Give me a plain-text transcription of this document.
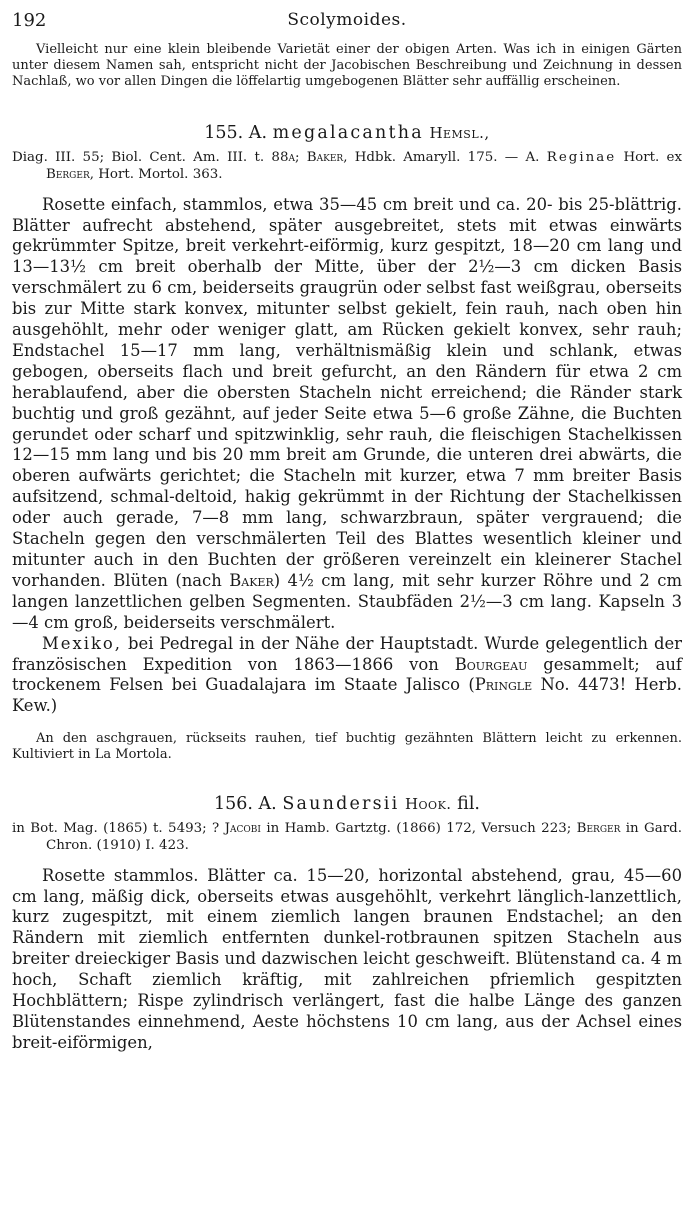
192	Scolymoides.

Vielleicht nur eine klein bleibende Varietät einer der obigen Arten. Was ich in einigen Gärten unter diesem Namen sah, entspricht nicht der Jacobischen Beschreibung und Zeichnung in dessen Nachlaß, wo vor allen Dingen die löffelartig umgebogenen Blätter sehr auffällig erscheinen.

155. A. megalacantha Hemsl.,

Diag. III. 55; Biol. Cent. Am. III. t. 88a; Baker, Hdbk. Amaryll. 175. — A. Reginae Hort. ex Berger, Hort. Mortol. 363.

Rosette einfach, stammlos, etwa 35—45 cm breit und ca. 20- bis 25-blättrig. Blätter aufrecht abstehend, später ausgebreitet, stets mit etwas einwärts gekrümmter Spitze, breit verkehrt-eiförmig, kurz gespitzt, 18—20 cm lang und 13—13½ cm breit oberhalb der Mitte, über der 2½—3 cm dicken Basis verschmälert zu 6 cm, beiderseits graugrün oder selbst fast weißgrau, oberseits bis zur Mitte stark konvex, mitunter selbst gekielt, fein rauh, nach oben hin ausgehöhlt, mehr oder weniger glatt, am Rücken gekielt konvex, sehr rauh; Endstachel 15—17 mm lang, verhältnismäßig klein und schlank, etwas gebogen, oberseits flach und breit gefurcht, an den Rändern für etwa 2 cm herablaufend, aber die obersten Stacheln nicht erreichend; die Ränder stark buchtig und groß gezähnt, auf jeder Seite etwa 5—6 große Zähne, die Buchten gerundet oder scharf und spitzwinklig, sehr rauh, die fleischigen Stachelkissen 12—15 mm lang und bis 20 mm breit am Grunde, die unteren drei abwärts, die oberen aufwärts gerichtet; die Stacheln mit kurzer, etwa 7 mm breiter Basis aufsitzend, schmal-deltoid, hakig gekrümmt in der Richtung der Stachelkissen oder auch gerade, 7—8 mm lang, schwarzbraun, später vergrauend; die Stacheln gegen den verschmälerten Teil des Blattes wesentlich kleiner und mitunter auch in den Buchten der größeren vereinzelt ein kleinerer Stachel vorhanden. Blüten (nach Baker) 4½ cm lang, mit sehr kurzer Röhre und 2 cm langen lanzettlichen gelben Segmenten. Staubfäden 2½—3 cm lang. Kapseln 3—4 cm groß, beiderseits verschmälert.

Mexiko, bei Pedregal in der Nähe der Hauptstadt. Wurde gelegentlich der französischen Expedition von 1863—1866 von Bourgeau gesammelt; auf trockenem Felsen bei Guadalajara im Staate Jalisco (Pringle No. 4473! Herb. Kew.)

An den aschgrauen, rückseits rauhen, tief buchtig gezähnten Blättern leicht zu erkennen. Kultiviert in La Mortola.

156. A. Saundersii Hook. fil.

in Bot. Mag. (1865) t. 5493; ? Jacobi in Hamb. Gartztg. (1866) 172, Versuch 223; Berger in Gard. Chron. (1910) I. 423.

Rosette stammlos. Blätter ca. 15—20, horizontal abstehend, grau, 45—60 cm lang, mäßig dick, oberseits etwas ausgehöhlt, verkehrt länglich-lanzettlich, kurz zugespitzt, mit einem ziemlich langen braunen Endstachel; an den Rändern mit ziemlich entfernten dunkel-rotbraunen spitzen Stacheln aus breiter dreieckiger Basis und dazwischen leicht geschweift. Blütenstand ca. 4 m hoch, Schaft ziemlich kräftig, mit zahlreichen pfriemlich gespitzten Hochblättern; Rispe zylindrisch verlängert, fast die halbe Länge des ganzen Blütenstandes einnehmend, Aeste höchstens 10 cm lang, aus der Achsel eines breit-eiförmigen,
